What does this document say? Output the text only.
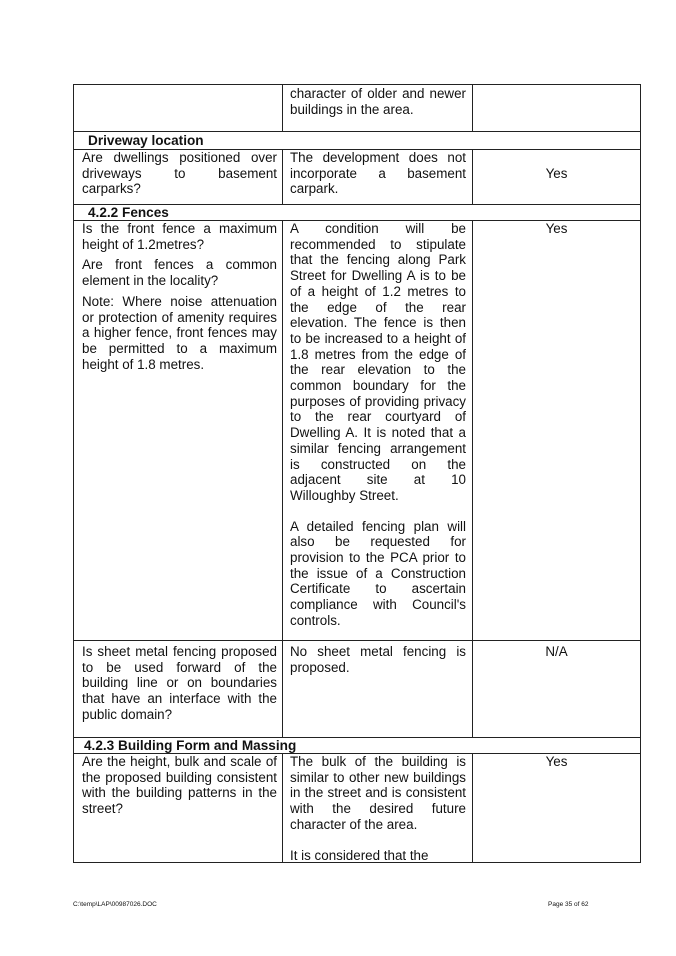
character of older and newer buildings in the area.

Driveway location

Are dwellings positioned over driveways to basement carparks?

The development does not incorporate a basement carpark.

Yes
4.2.2 Fences

Is the front fence a maximum height of 1.2metres?

Are front fences a common element in the locality?

Note: Where noise attenuation or protection of amenity requires a higher fence, front fences may be permitted to a maximum height of 1.8 metres.

A condition will be recommended to stipulate that the fencing along Park Street for Dwelling A is to be of a height of 1.2 metres to the edge of the rear elevation. The fence is then to be increased to a height of 1.8 metres from the edge of the rear elevation to the common boundary for the purposes of providing privacy to the rear courtyard of Dwelling A. It is noted that a similar fencing arrangement is constructed on the adjacent site at 10 Willoughby Street.

A detailed fencing plan will also be requested for provision to the PCA prior to the issue of a Construction Certificate to ascertain compliance with Council's controls.

Yes

Is sheet metal fencing proposed to be used forward of the building line or on boundaries that have an interface with the public domain?

No sheet metal fencing is proposed.

N/A
4.2.3 Building Form and Massing

Are the height, bulk and scale of the proposed building consistent with the building patterns in the street?

The bulk of the building is similar to other new buildings in the street and is consistent with the desired future character of the area.

It is considered that the

Yes
C:\temp\LAP\00987026.DOC	Page 35 of 62
